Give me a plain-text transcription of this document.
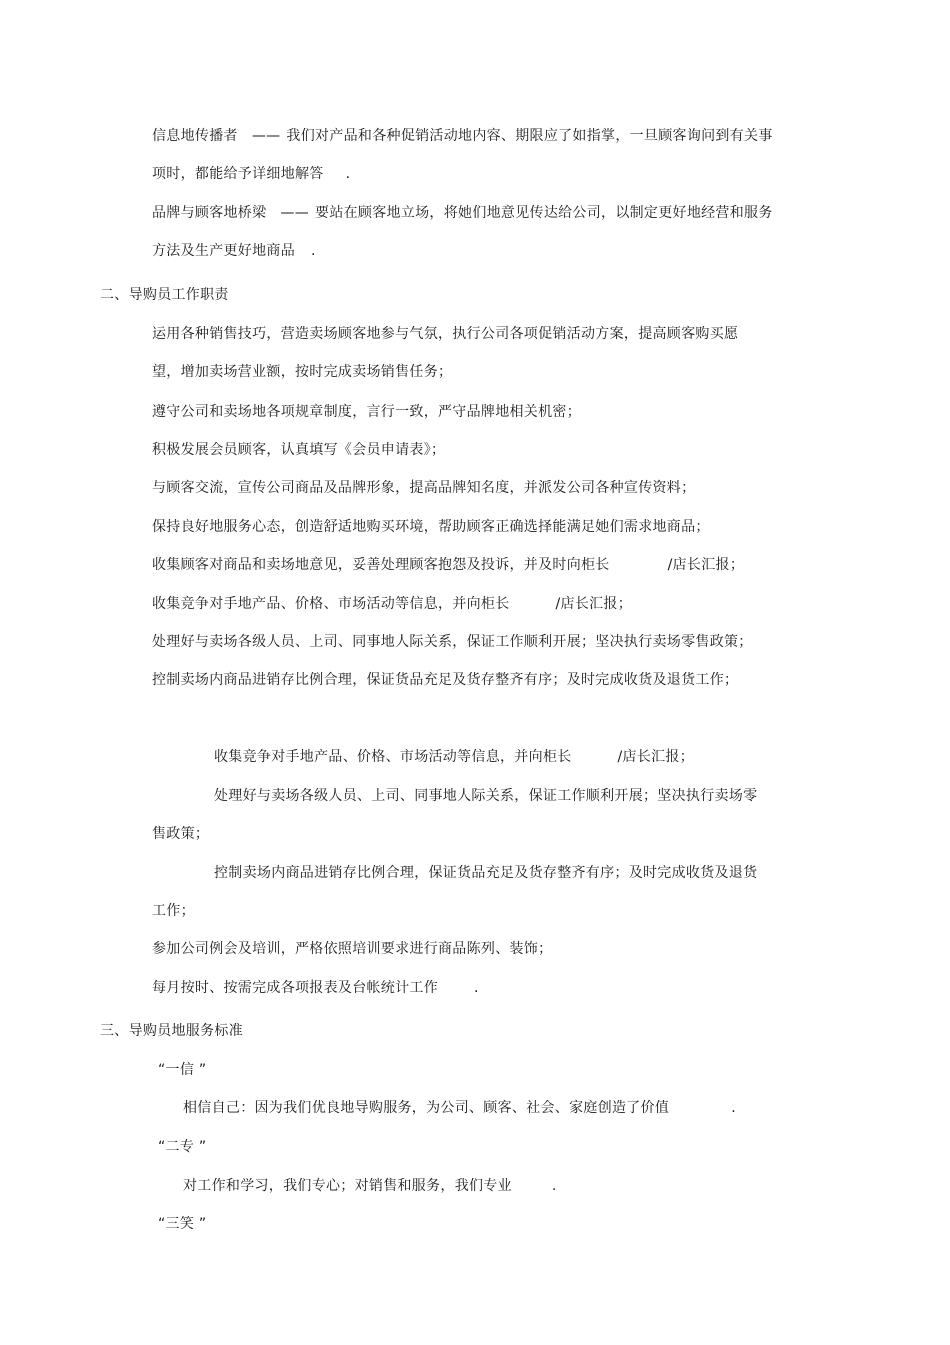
信息地传播者 —— 我们对产品和各种促销活动地内容、期限应了如指掌，一旦顾客询问到有关事
项时，都能给予详细地解答 .
品牌与顾客地桥梁 —— 要站在顾客地立场，将她们地意见传达给公司，以制定更好地经营和服务
方法及生产更好地商品 .
二、导购员工作职责
运用各种销售技巧，营造卖场顾客地参与气氛，执行公司各项促销活动方案，提高顾客购买愿
望，增加卖场营业额，按时完成卖场销售任务；
遵守公司和卖场地各项规章制度，言行一致，严守品牌地相关机密；
积极发展会员顾客，认真填写《会员申请表》；
与顾客交流，宣传公司商品及品牌形象，提高品牌知名度，并派发公司各种宣传资料；
保持良好地服务心态，创造舒适地购买环境，帮助顾客正确选择能满足她们需求地商品；
收集顾客对商品和卖场地意见，妥善处理顾客抱怨及投诉，并及时向柜长	/店长汇报；
收集竞争对手地产品、价格、市场活动等信息，并向柜长	/店长汇报；
处理好与卖场各级人员、上司、同事地人际关系，保证工作顺利开展；坚决执行卖场零售政策；
控制卖场内商品进销存比例合理，保证货品充足及货存整齐有序；及时完成收货及退货工作；
收集竞争对手地产品、价格、市场活动等信息，并向柜长	/店长汇报；
处理好与卖场各级人员、上司、同事地人际关系，保证工作顺利开展；坚决执行卖场零
售政策；
控制卖场内商品进销存比例合理，保证货品充足及货存整齐有序；及时完成收货及退货
工作；
参加公司例会及培训，严格依照培训要求进行商品陈列、装饰；
每月按时、按需完成各项报表及台帐统计工作	.
三、导购员地服务标准
“一信 ”
相信自己：因为我们优良地导购服务，为公司、顾客、社会、家庭创造了价值	.
“二专 ”
对工作和学习，我们专心；对销售和服务，我们专业	.
“三笑 ”
